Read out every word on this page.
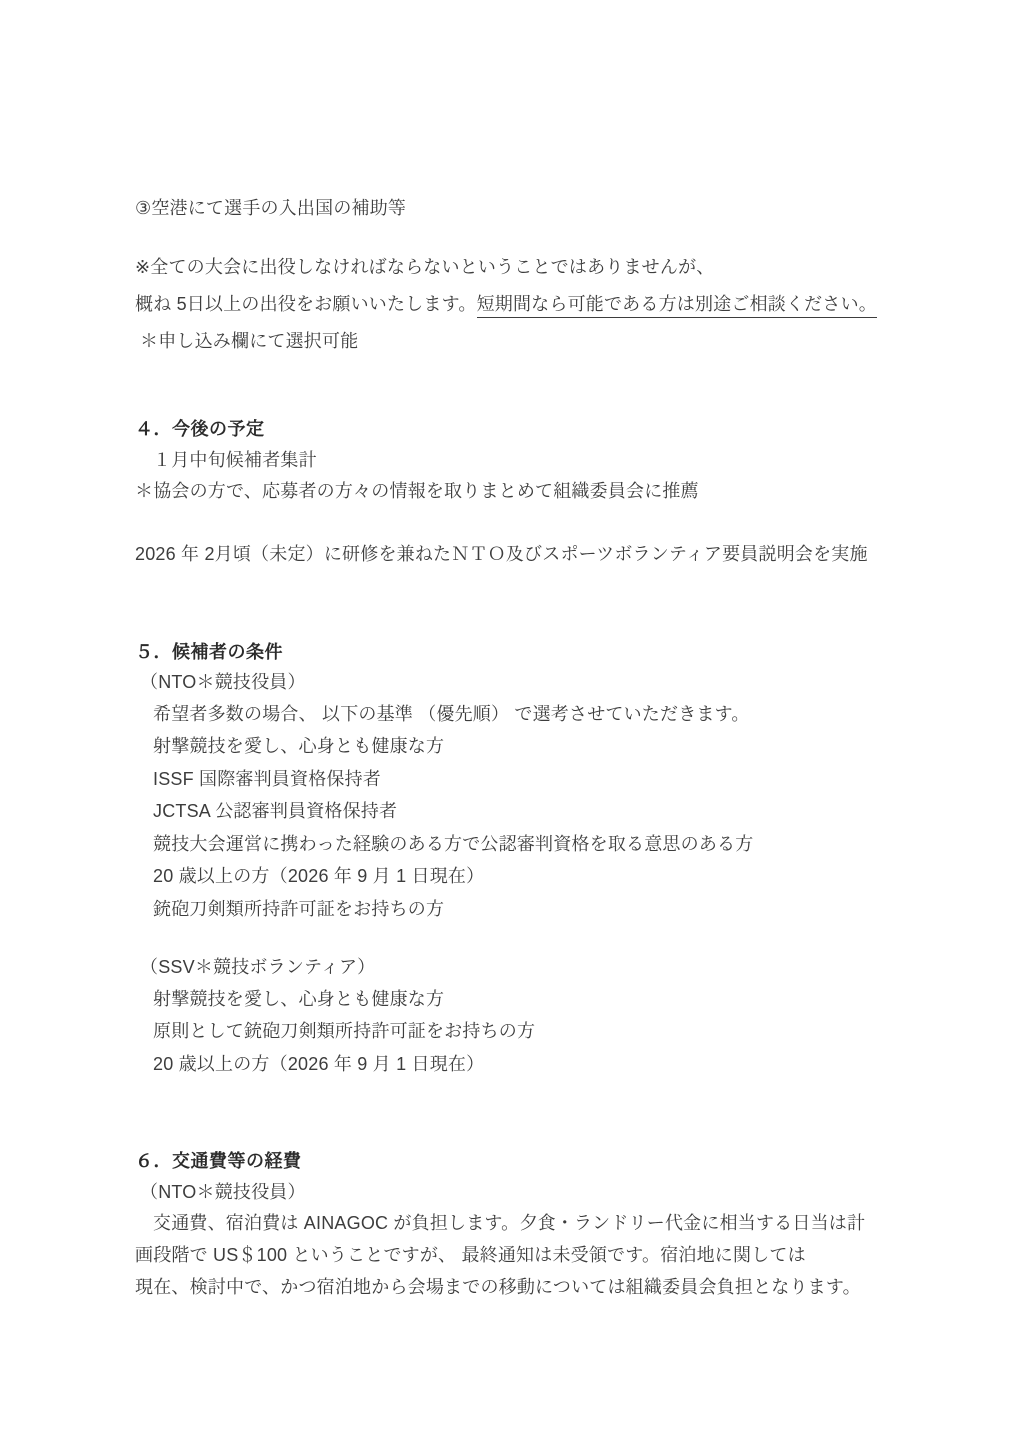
③空港にて選手の入出国の補助等
※全ての大会に出役しなければならないということではありませんが、
概ね 5日以上の出役をお願いいたします。短期間なら可能である方は別途ご相談ください。
＊申し込み欄にて選択可能
４．今後の予定
１月中旬候補者集計
＊協会の方で、応募者の方々の情報を取りまとめて組織委員会に推薦
2026 年 2月頃（未定）に研修を兼ねたＮＴＯ及びスポーツボランティア要員説明会を実施
５．候補者の条件
（NTO＊競技役員）
希望者多数の場合、 以下の基準 （優先順） で選考させていただきます。
射撃競技を愛し、心身とも健康な方
ISSF 国際審判員資格保持者
JCTSA 公認審判員資格保持者
競技大会運営に携わった経験のある方で公認審判資格を取る意思のある方
20 歳以上の方（2026 年 9 月 1 日現在）
銃砲刀剣類所持許可証をお持ちの方
（SSV＊競技ボランティア）
射撃競技を愛し、心身とも健康な方
原則として銃砲刀剣類所持許可証をお持ちの方
20 歳以上の方（2026 年 9 月 1 日現在）
６．交通費等の経費
（NTO＊競技役員）
交通費、宿泊費は AINAGOC が負担します。夕食・ランドリー代金に相当する日当は計
画段階で US＄100 ということですが、 最終通知は未受領です。宿泊地に関しては
現在、検討中で、かつ宿泊地から会場までの移動については組織委員会負担となります。
